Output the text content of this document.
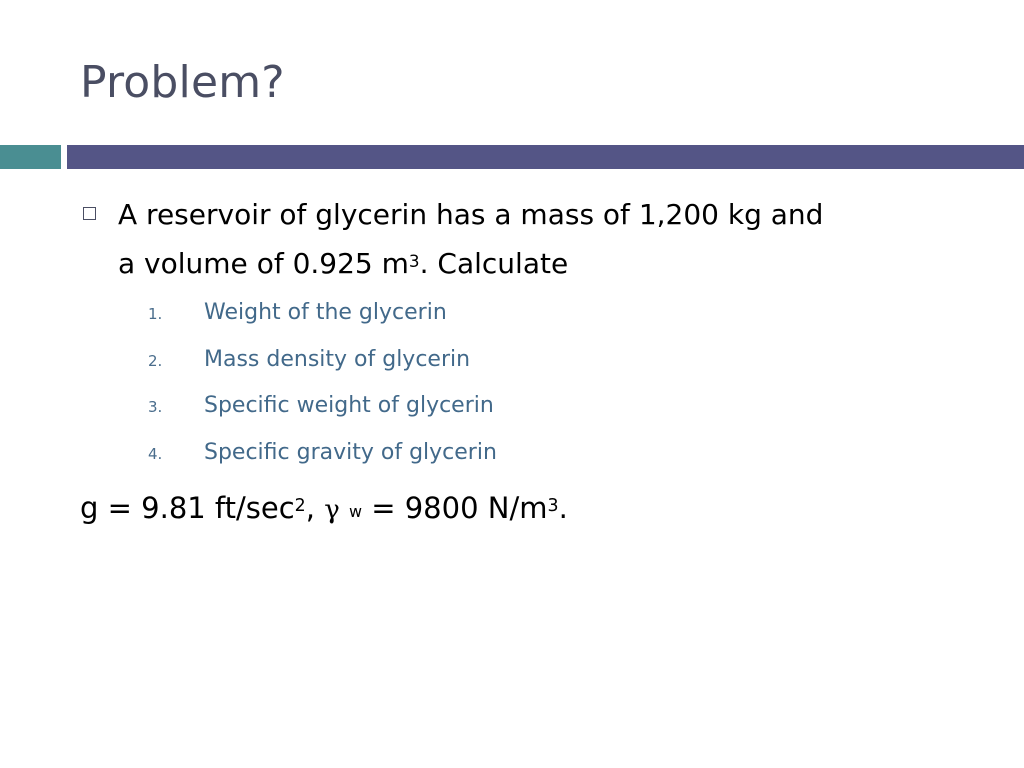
Problem?

A reservoir of glycerin has a mass of 1,200 kg and

a volume of 0.925 $m^3$. Calculate

1. Weight of the glycerin
2. Mass density of glycerin
3. Specific weight of glycerin
4. Specific gravity of glycerin

g = 9.81 $ft/\sec^2$, γ w = 9800 $N/m^3$.
